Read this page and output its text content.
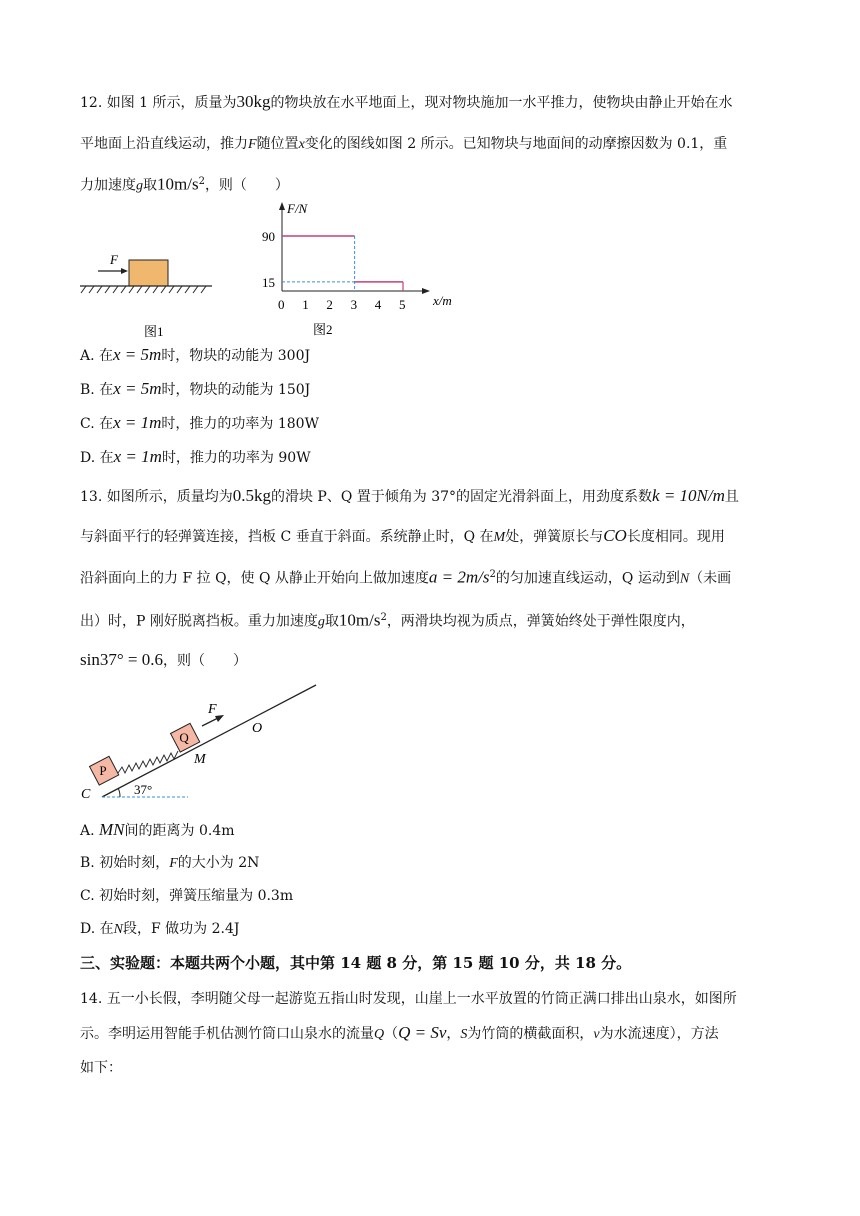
12. 如图 1 所示，质量为30kg的物块放在水平地面上，现对物块施加一水平推力，使物块由静止开始在水
平地面上沿直线运动，推力F随位置x变化的图线如图 2 所示。已知物块与地面间的动摩擦因数为 0.1，重
力加速度g取$10m/s^2$，则（　　）
F
图1
F/N
x/m
15
90
0 1 2 3 4 5
图2
A. 在x = 5m时，物块的动能为 300J
B. 在x = 5m时，物块的动能为 150J
C. 在x = 1m时，推力的功率为 180W
D. 在x = 1m时，推力的功率为 90W
13. 如图所示，质量均为0.5kg的滑块 P、Q 置于倾角为 37°的固定光滑斜面上，用劲度系数k = 10N/m且
与斜面平行的轻弹簧连接，挡板 C 垂直于斜面。系统静止时，Q 在M处，弹簧原长与CO长度相同。现用
沿斜面向上的力 F 拉 Q，使 Q 从静止开始向上做加速度$a = 2m/s^2$的匀加速直线运动，Q 运动到N（未画
出）时，P 刚好脱离挡板。重力加速度g取$10m/s^2$，两滑块均视为质点，弹簧始终处于弹性限度内，
sin37° = 0.6，则（　　）
37°
C
P
Q
F
M
O
A. MN间的距离为 0.4m
B. 初始时刻，F的大小为 2N
C. 初始时刻，弹簧压缩量为 0.3m
D. 在N段，F 做功为 2.4J
三、实验题：本题共两个小题，其中第 14 题 8 分，第 15 题 10 分，共 18 分。
14. 五一小长假，李明随父母一起游览五指山时发现，山崖上一水平放置的竹筒正满口排出山泉水，如图所
示。李明运用智能手机估测竹筒口山泉水的流量Q（Q = Sv，S为竹筒的横截面积，v为水流速度），方法
如下：
